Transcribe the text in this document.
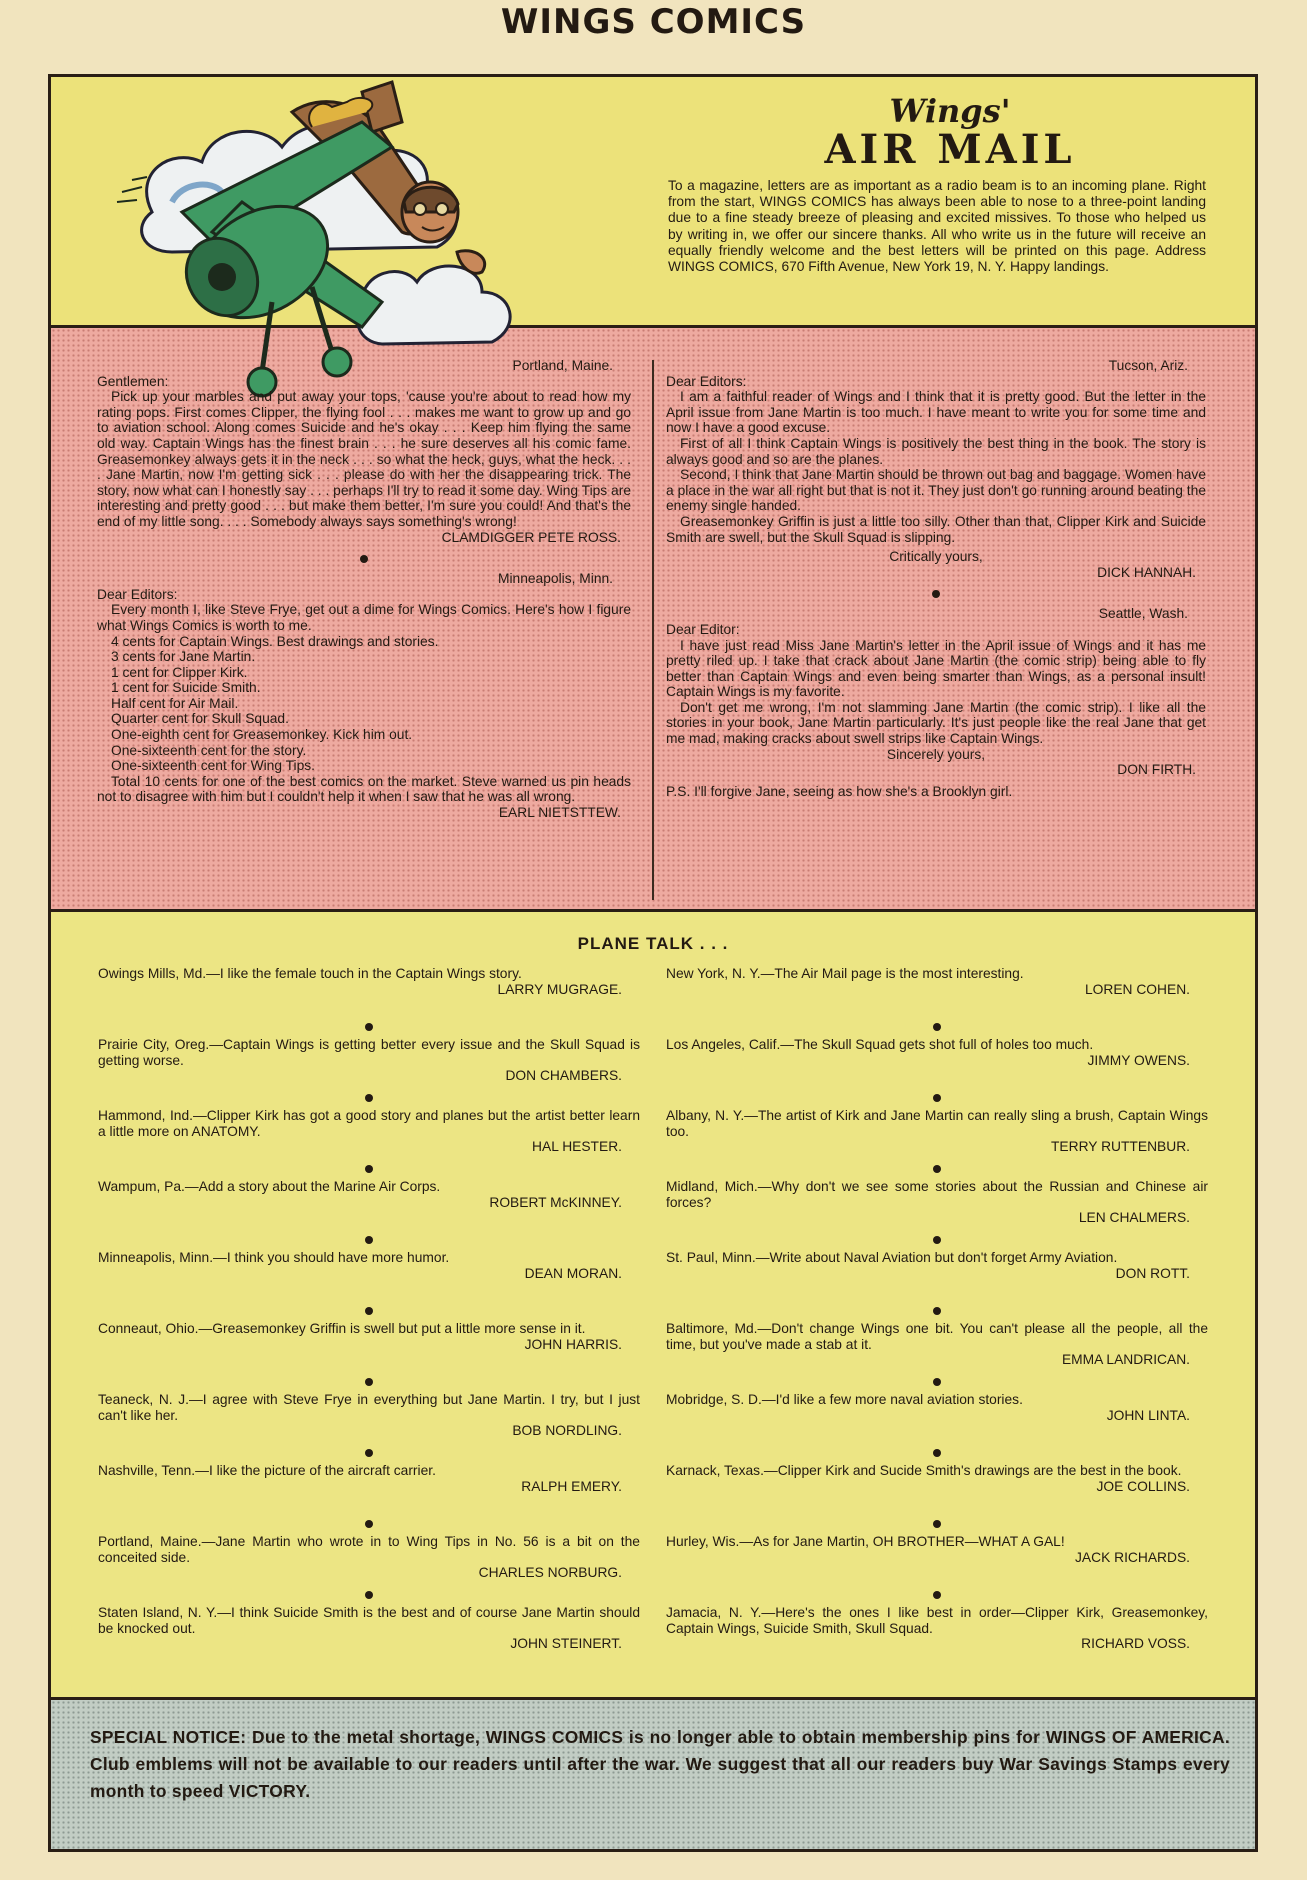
WINGS COMICS
Wings'
AIR MAIL
To a magazine, letters are as important as a radio beam is to an incoming plane. Right from the start, WINGS COMICS has always been able to nose to a three-point landing due to a fine steady breeze of pleasing and excited missives. To those who helped us by writing in, we offer our sincere thanks. All who write us in the future will receive an equally friendly welcome and the best letters will be printed on this page. Address WINGS COMICS, 670 Fifth Avenue, New York 19, N. Y. Happy landings.
Portland, Maine.
Gentlemen:

Pick up your marbles and put away your tops, 'cause you're about to read how my rating pops. First comes Clipper, the flying fool . . . makes me want to grow up and go to aviation school. Along comes Suicide and he's okay . . . Keep him flying the same old way. Captain Wings has the finest brain . . . he sure deserves all his comic fame. Greasemonkey always gets it in the neck . . . so what the heck, guys, what the heck. . . . Jane Martin, now I'm getting sick . . . please do with her the disappearing trick. The story, now what can I honestly say . . . perhaps I'll try to read it some day. Wing Tips are interesting and pretty good . . . but make them better, I'm sure you could! And that's the end of my little song. . . . Somebody always says something's wrong!

CLAMDIGGER PETE ROSS.
Minneapolis, Minn.
Dear Editors:

Every month I, like Steve Frye, get out a dime for Wings Comics. Here's how I figure what Wings Comics is worth to me.

4 cents for Captain Wings. Best drawings and stories.
3 cents for Jane Martin.
1 cent for Clipper Kirk.
1 cent for Suicide Smith.
Half cent for Air Mail.
Quarter cent for Skull Squad.
One-eighth cent for Greasemonkey. Kick him out.
One-sixteenth cent for the story.
One-sixteenth cent for Wing Tips.

Total 10 cents for one of the best comics on the market. Steve warned us pin heads not to disagree with him but I couldn't help it when I saw that he was all wrong.

EARL NIETSTTEW.
Tucson, Ariz.
Dear Editors:

I am a faithful reader of Wings and I think that it is pretty good. But the letter in the April issue from Jane Martin is too much. I have meant to write you for some time and now I have a good excuse.

First of all I think Captain Wings is positively the best thing in the book. The story is always good and so are the planes.

Second, I think that Jane Martin should be thrown out bag and baggage. Women have a place in the war all right but that is not it. They just don't go running around beating the enemy single handed.

Greasemonkey Griffin is just a little too silly. Other than that, Clipper Kirk and Suicide Smith are swell, but the Skull Squad is slipping.

Critically yours,
DICK HANNAH.
Seattle, Wash.
Dear Editor:

I have just read Miss Jane Martin's letter in the April issue of Wings and it has me pretty riled up. I take that crack about Jane Martin (the comic strip) being able to fly better than Captain Wings and even being smarter than Wings, as a personal insult! Captain Wings is my favorite.

Don't get me wrong, I'm not slamming Jane Martin (the comic strip). I like all the stories in your book, Jane Martin particularly. It's just people like the real Jane that get me mad, making cracks about swell strips like Captain Wings.

Sincerely yours,
DON FIRTH.
P.S. I'll forgive Jane, seeing as how she's a Brooklyn girl.
PLANE TALK . . .
Owings Mills, Md.—I like the female touch in the Captain Wings story.
LARRY MUGRAGE.
Prairie City, Oreg.—Captain Wings is getting better every issue and the Skull Squad is getting worse.
DON CHAMBERS.
Hammond, Ind.—Clipper Kirk has got a good story and planes but the artist better learn a little more on ANATOMY.
HAL HESTER.
Wampum, Pa.—Add a story about the Marine Air Corps.
ROBERT McKINNEY.
Minneapolis, Minn.—I think you should have more humor.
DEAN MORAN.
Conneaut, Ohio.—Greasemonkey Griffin is swell but put a little more sense in it.
JOHN HARRIS.
Teaneck, N. J.—I agree with Steve Frye in everything but Jane Martin. I try, but I just can't like her.
BOB NORDLING.
Nashville, Tenn.—I like the picture of the aircraft carrier.
RALPH EMERY.
Portland, Maine.—Jane Martin who wrote in to Wing Tips in No. 56 is a bit on the conceited side.
CHARLES NORBURG.
Staten Island, N. Y.—I think Suicide Smith is the best and of course Jane Martin should be knocked out.
JOHN STEINERT.
New York, N. Y.—The Air Mail page is the most interesting.
LOREN COHEN.
Los Angeles, Calif.—The Skull Squad gets shot full of holes too much.
JIMMY OWENS.
Albany, N. Y.—The artist of Kirk and Jane Martin can really sling a brush, Captain Wings too.
TERRY RUTTENBUR.
Midland, Mich.—Why don't we see some stories about the Russian and Chinese air forces?
LEN CHALMERS.
St. Paul, Minn.—Write about Naval Aviation but don't forget Army Aviation.
DON ROTT.
Baltimore, Md.—Don't change Wings one bit. You can't please all the people, all the time, but you've made a stab at it.
EMMA LANDRICAN.
Mobridge, S. D.—I'd like a few more naval aviation stories.
JOHN LINTA.
Karnack, Texas.—Clipper Kirk and Sucide Smith's drawings are the best in the book.
JOE COLLINS.
Hurley, Wis.—As for Jane Martin, OH BROTHER—WHAT A GAL!
JACK RICHARDS.
Jamacia, N. Y.—Here's the ones I like best in order—Clipper Kirk, Greasemonkey, Captain Wings, Suicide Smith, Skull Squad.
RICHARD VOSS.
SPECIAL NOTICE: Due to the metal shortage, WINGS COMICS is no longer able to obtain membership pins for WINGS OF AMERICA. Club emblems will not be available to our readers until after the war. We suggest that all our readers buy War Savings Stamps every month to speed VICTORY.
